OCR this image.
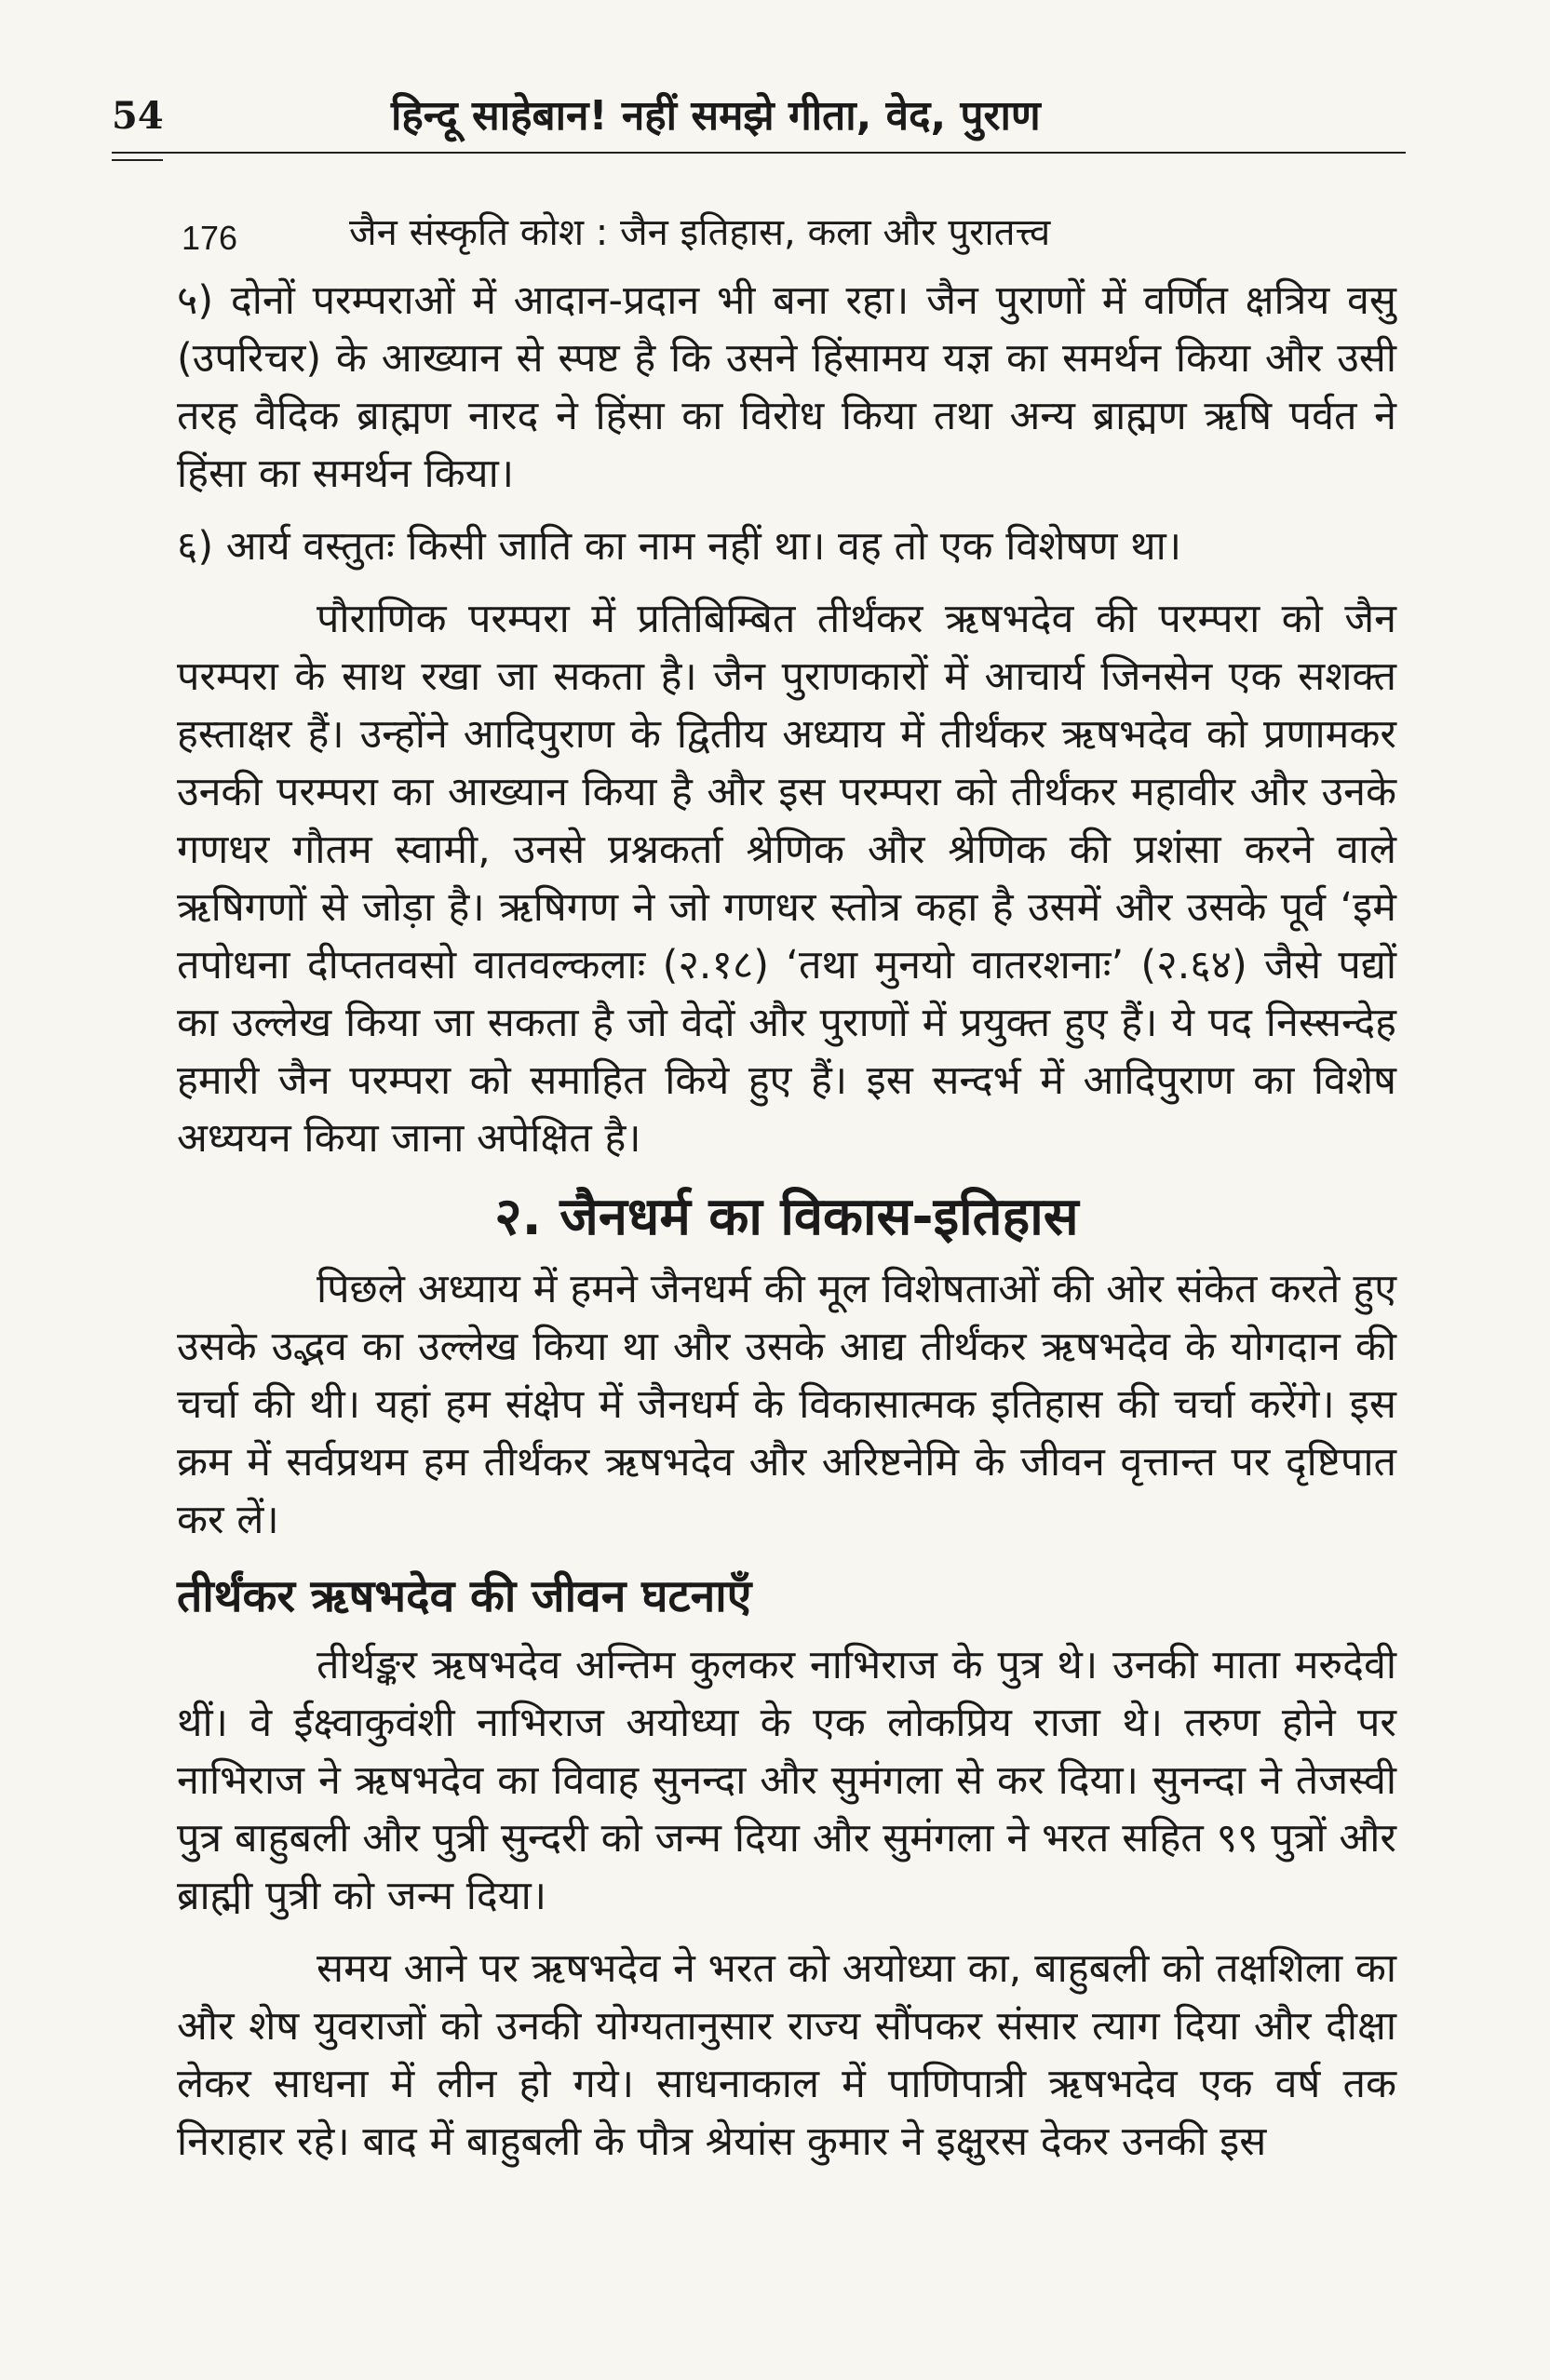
54	हिन्दू साहेबान! नहीं समझे गीता, वेद, पुराण
176	जैन संस्कृति कोश : जैन इतिहास, कला और पुरातत्त्व

५) दोनों परम्पराओं में आदान-प्रदान भी बना रहा। जैन पुराणों में वर्णित क्षत्रिय वसु (उपरिचर) के आख्यान से स्पष्ट है कि उसने हिंसामय यज्ञ का समर्थन किया और उसी तरह वैदिक ब्राह्मण नारद ने हिंसा का विरोध किया तथा अन्य ब्राह्मण ऋषि पर्वत ने हिंसा का समर्थन किया।

६) आर्य वस्तुतः किसी जाति का नाम नहीं था। वह तो एक विशेषण था।

पौराणिक परम्परा में प्रतिबिम्बित तीर्थंकर ऋषभदेव की परम्परा को जैन परम्परा के साथ रखा जा सकता है। जैन पुराणकारों में आचार्य जिनसेन एक सशक्त हस्ताक्षर हैं। उन्होंने आदिपुराण के द्वितीय अध्याय में तीर्थंकर ऋषभदेव को प्रणामकर उनकी परम्परा का आख्यान किया है और इस परम्परा को तीर्थंकर महावीर और उनके गणधर गौतम स्वामी, उनसे प्रश्नकर्ता श्रेणिक और श्रेणिक की प्रशंसा करने वाले ऋषिगणों से जोड़ा है। ऋषिगण ने जो गणधर स्तोत्र कहा है उसमें और उसके पूर्व ‘इमे तपोधना दीप्ततवसो वातवल्कलाः (२.१८) ‘तथा मुनयो वातरशनाः’ (२.६४) जैसे पद्यों का उल्लेख किया जा सकता है जो वेदों और पुराणों में प्रयुक्त हुए हैं। ये पद निस्सन्देह हमारी जैन परम्परा को समाहित किये हुए हैं। इस सन्दर्भ में आदिपुराण का विशेष अध्ययन किया जाना अपेक्षित है।

२. जैनधर्म का विकास-इतिहास

पिछले अध्याय में हमने जैनधर्म की मूल विशेषताओं की ओर संकेत करते हुए उसके उद्भव का उल्लेख किया था और उसके आद्य तीर्थंकर ऋषभदेव के योगदान की चर्चा की थी। यहां हम संक्षेप में जैनधर्म के विकासात्मक इतिहास की चर्चा करेंगे। इस क्रम में सर्वप्रथम हम तीर्थंकर ऋषभदेव और अरिष्टनेमि के जीवन वृत्तान्त पर दृष्टिपात कर लें।

तीर्थंकर ऋषभदेव की जीवन घटनाएँ

तीर्थङ्कर ऋषभदेव अन्तिम कुलकर नाभिराज के पुत्र थे। उनकी माता मरुदेवी थीं। वे ईक्ष्वाकुवंशी नाभिराज अयोध्या के एक लोकप्रिय राजा थे। तरुण होने पर नाभिराज ने ऋषभदेव का विवाह सुनन्दा और सुमंगला से कर दिया। सुनन्दा ने तेजस्वी पुत्र बाहुबली और पुत्री सुन्दरी को जन्म दिया और सुमंगला ने भरत सहित ९९ पुत्रों और ब्राह्मी पुत्री को जन्म दिया।

समय आने पर ऋषभदेव ने भरत को अयोध्या का, बाहुबली को तक्षशिला का और शेष युवराजों को उनकी योग्यतानुसार राज्य सौंपकर संसार त्याग दिया और दीक्षा लेकर साधना में लीन हो गये। साधनाकाल में पाणिपात्री ऋषभदेव एक वर्ष तक निराहार रहे। बाद में बाहुबली के पौत्र श्रेयांस कुमार ने इक्षुरस देकर उनकी इस
